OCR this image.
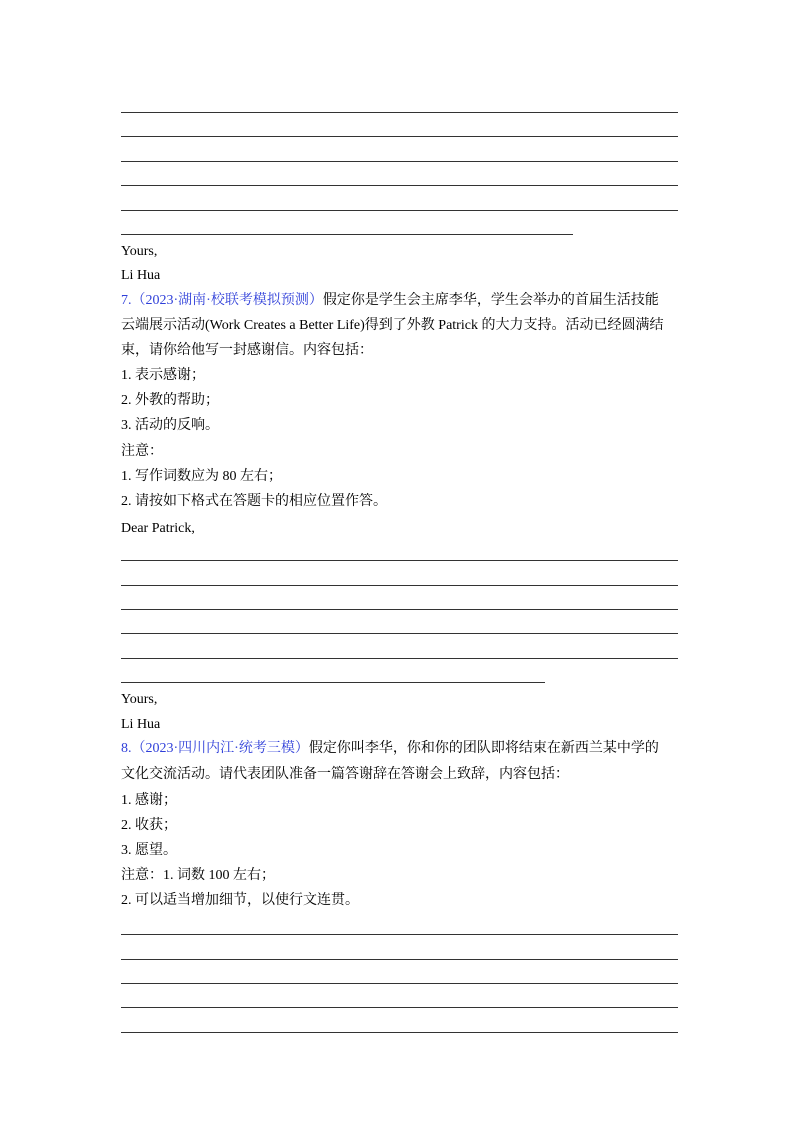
Yours,
Li Hua
7.（2023·湖南·校联考模拟预测）假定你是学生会主席李华，学生会举办的首届生活技能
云端展示活动(Work Creates a Better Life)得到了外教 Patrick 的大力支持。活动已经圆满结
束，请你给他写一封感谢信。内容包括：
1. 表示感谢；
2. 外教的帮助；
3. 活动的反响。
注意：
1. 写作词数应为 80 左右；
2. 请按如下格式在答题卡的相应位置作答。
Dear Patrick,
Yours,
Li Hua
8.（2023·四川内江·统考三模）假定你叫李华，你和你的团队即将结束在新西兰某中学的
文化交流活动。请代表团队准备一篇答谢辞在答谢会上致辞，内容包括：
1. 感谢；
2. 收获；
3. 愿望。
注意：1. 词数 100 左右；
2. 可以适当增加细节，以使行文连贯。
